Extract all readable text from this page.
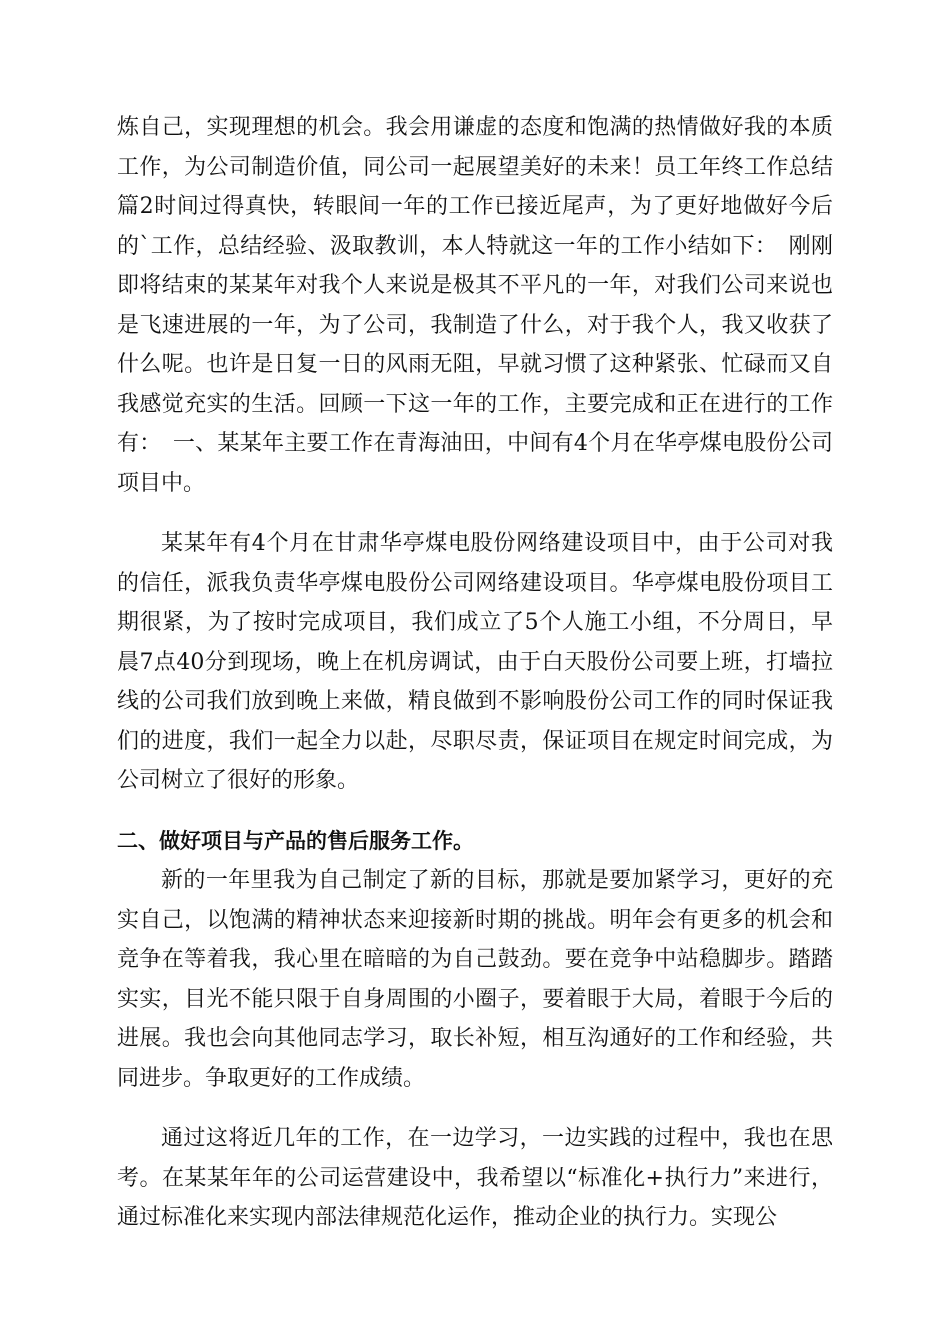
炼自己，实现理想的机会。我会用谦虚的态度和饱满的热情做好我的本质工作，为公司制造价值，同公司一起展望美好的未来！员工年终工作总结篇2时间过得真快，转眼间一年的工作已接近尾声，为了更好地做好今后的`工作，总结经验、汲取教训，本人特就这一年的工作小结如下：　刚刚即将结束的某某年对我个人来说是极其不平凡的一年，对我们公司来说也是飞速进展的一年，为了公司，我制造了什么，对于我个人，我又收获了什么呢。也许是日复一日的风雨无阻，早就习惯了这种紧张、忙碌而又自我感觉充实的生活。回顾一下这一年的工作，主要完成和正在进行的工作有：　一、某某年主要工作在青海油田，中间有4个月在华亭煤电股份公司项目中。

某某年有4个月在甘肃华亭煤电股份网络建设项目中，由于公司对我的信任，派我负责华亭煤电股份公司网络建设项目。华亭煤电股份项目工期很紧，为了按时完成项目，我们成立了5个人施工小组，不分周日，早晨7点40分到现场，晚上在机房调试，由于白天股份公司要上班，打墙拉线的公司我们放到晚上来做，精良做到不影响股份公司工作的同时保证我们的进度，我们一起全力以赴，尽职尽责，保证项目在规定时间完成，为公司树立了很好的形象。

二、做好项目与产品的售后服务工作。

新的一年里我为自己制定了新的目标，那就是要加紧学习，更好的充实自己，以饱满的精神状态来迎接新时期的挑战。明年会有更多的机会和竞争在等着我，我心里在暗暗的为自己鼓劲。要在竞争中站稳脚步。踏踏实实，目光不能只限于自身周围的小圈子，要着眼于大局，着眼于今后的进展。我也会向其他同志学习，取长补短，相互沟通好的工作和经验，共同进步。争取更好的工作成绩。

通过这将近几年的工作，在一边学习，一边实践的过程中，我也在思考。在某某年年的公司运营建设中，我希望以“标准化+执行力”来进行，通过标准化来实现内部法律规范化运作，推动企业的执行力。实现公
